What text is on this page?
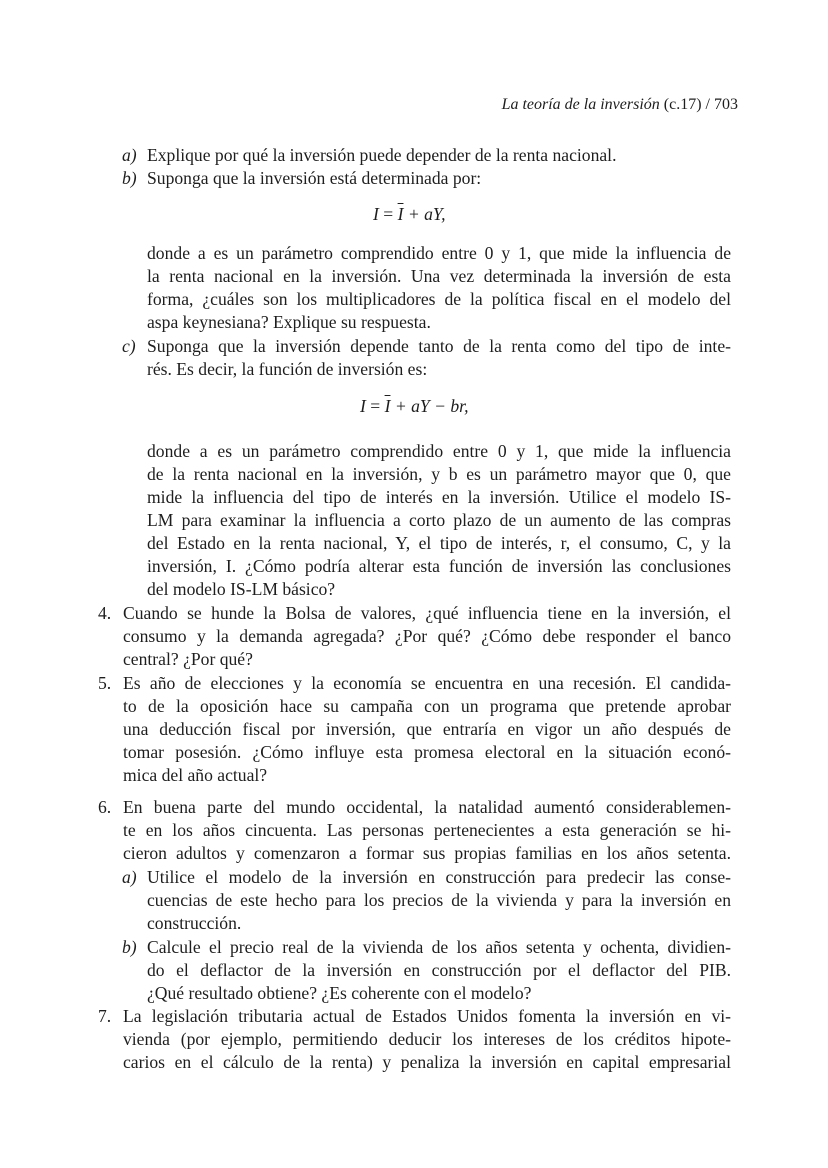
La teoría de la inversión (c.17) / 703
a) Explique por qué la inversión puede depender de la renta nacional.
b) Suponga que la inversión está determinada por:
$I = \overline{I}$ + aY,
donde a es un parámetro comprendido entre 0 y 1, que mide la influencia de
la renta nacional en la inversión. Una vez determinada la inversión de esta
forma, ¿cuáles son los multiplicadores de la política fiscal en el modelo del
aspa keynesiana? Explique su respuesta.
c) Suponga que la inversión depende tanto de la renta como del tipo de inte-
rés. Es decir, la función de inversión es:
$I = \overline{I}$ + aY − br,
donde a es un parámetro comprendido entre 0 y 1, que mide la influencia
de la renta nacional en la inversión, y b es un parámetro mayor que 0, que
mide la influencia del tipo de interés en la inversión. Utilice el modelo IS-
LM para examinar la influencia a corto plazo de un aumento de las compras
del Estado en la renta nacional, Y, el tipo de interés, r, el consumo, C, y la
inversión, I. ¿Cómo podría alterar esta función de inversión las conclusiones
del modelo IS-LM básico?
4. Cuando se hunde la Bolsa de valores, ¿qué influencia tiene en la inversión, el
consumo y la demanda agregada? ¿Por qué? ¿Cómo debe responder el banco
central? ¿Por qué?
5. Es año de elecciones y la economía se encuentra en una recesión. El candida-
to de la oposición hace su campaña con un programa que pretende aprobar
una deducción fiscal por inversión, que entraría en vigor un año después de
tomar posesión. ¿Cómo influye esta promesa electoral en la situación econó-
mica del año actual?
6. En buena parte del mundo occidental, la natalidad aumentó considerablemen-
te en los años cincuenta. Las personas pertenecientes a esta generación se hi-
cieron adultos y comenzaron a formar sus propias familias en los años setenta.
a) Utilice el modelo de la inversión en construcción para predecir las conse-
cuencias de este hecho para los precios de la vivienda y para la inversión en
construcción.
b) Calcule el precio real de la vivienda de los años setenta y ochenta, dividien-
do el deflactor de la inversión en construcción por el deflactor del PIB.
¿Qué resultado obtiene? ¿Es coherente con el modelo?
7. La legislación tributaria actual de Estados Unidos fomenta la inversión en vi-
vienda (por ejemplo, permitiendo deducir los intereses de los créditos hipote-
carios en el cálculo de la renta) y penaliza la inversión en capital empresarial
